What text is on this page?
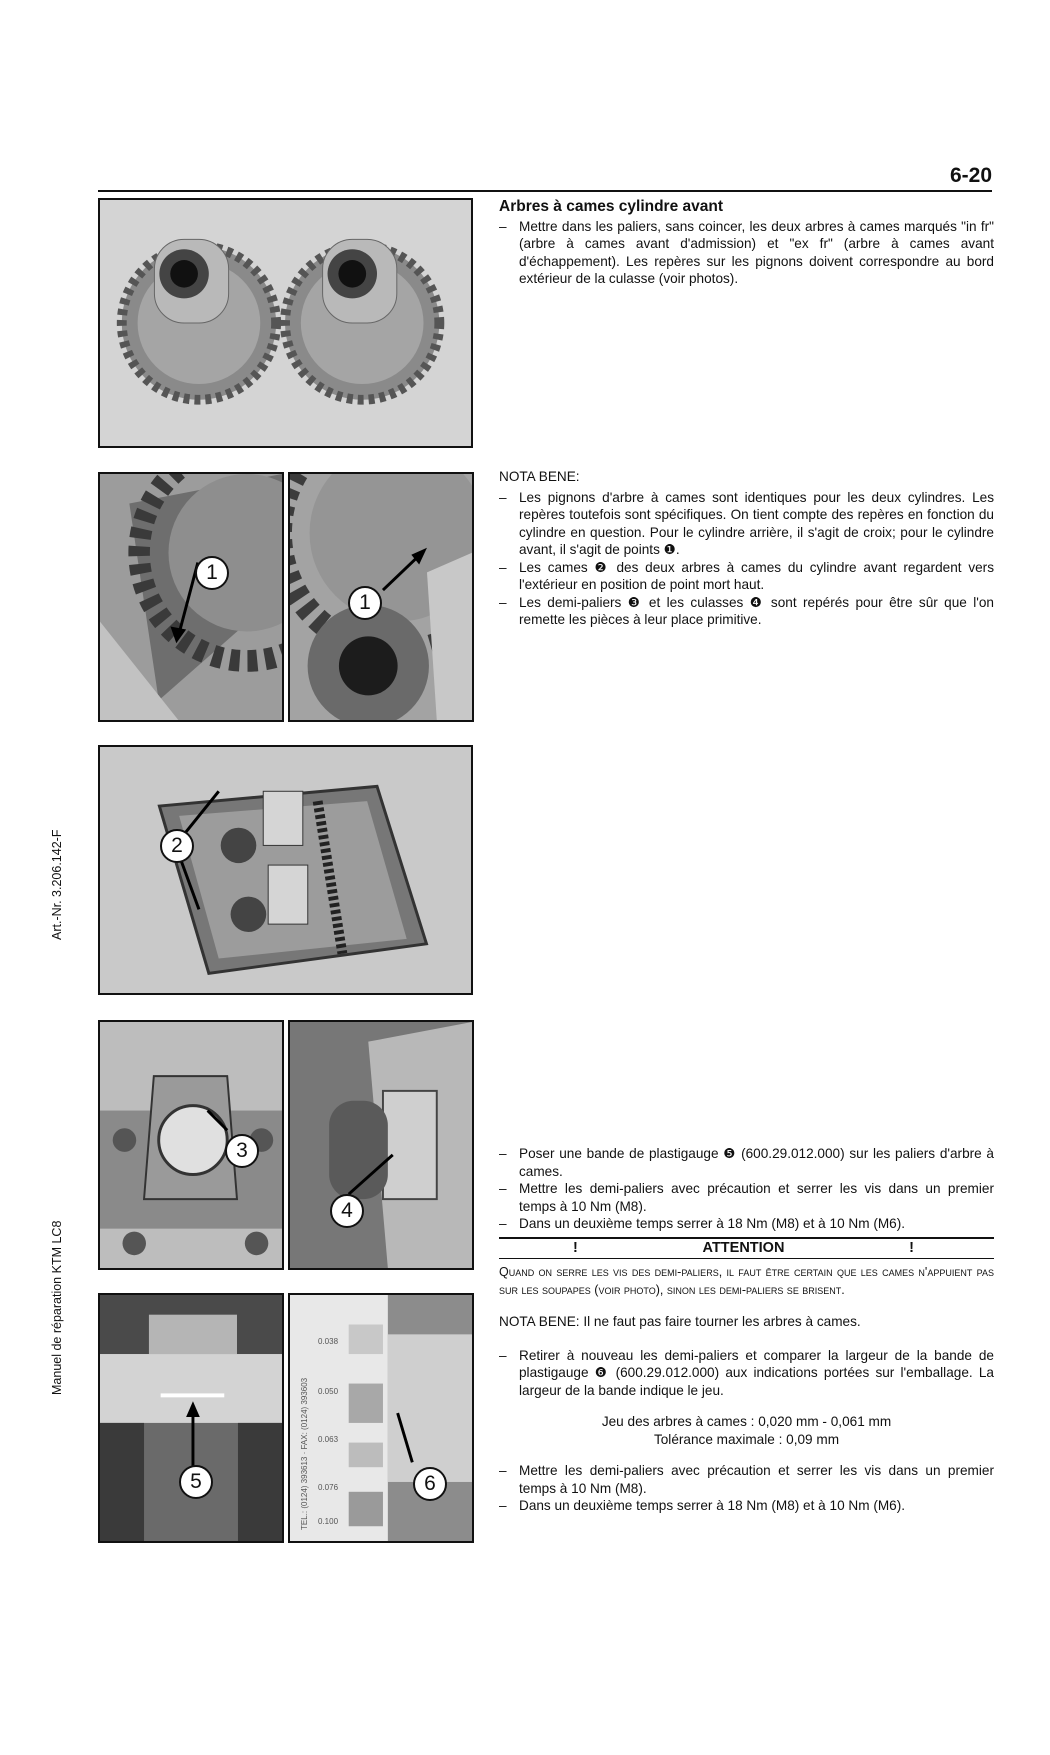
6-20
Art.-Nr. 3.206.142-F
Manuel de réparation KTM LC8
1
1
2
3
4
5	TEL.: (0124) 393613 · FAX: (0124) 393603
0.038
0.050
0.063
0.076
0.100
6
Arbres à cames cylindre avant
– Mettre dans les paliers, sans coincer, les deux arbres à cames marqués "in fr" (arbre à cames avant d'admission) et "ex fr" (arbre à cames avant d'échappement). Les repères sur les pignons doivent correspondre au bord extérieur de la culasse (voir photos).
NOTA BENE:
– Les pignons d'arbre à cames sont identiques pour les deux cylindres. Les repères toutefois sont spécifiques. On tient compte des repères en fonction du cylindre en question. Pour le cylindre arrière, il s'agit de croix; pour le cylindre avant, il s'agit de points ❶.
– Les cames ❷ des deux arbres à cames du cylindre avant regardent vers l'extérieur en position de point mort haut.
– Les demi-paliers ❸ et les culasses ❹ sont repérés pour être sûr que l'on remette les pièces à leur place primitive.
– Poser une bande de plastigauge ❺ (600.29.012.000) sur les paliers d'arbre à cames.
– Mettre les demi-paliers avec précaution et serrer les vis dans un premier temps à 10 Nm (M8).
– Dans un deuxième temps serrer à 18 Nm (M8) et à 10 Nm (M6).
!	ATTENTION	!
Quand on serre les vis des demi-paliers, il faut être certain que les cames n'appuient pas sur les soupapes (voir photo), sinon les demi-paliers se brisent.
NOTA BENE: Il ne faut pas faire tourner les arbres à cames.
– Retirer à nouveau les demi-paliers et comparer la largeur de la bande de plastigauge ❻ (600.29.012.000) aux indications portées sur l'emballage. La largeur de la bande indique le jeu.
Jeu des arbres à cames : 0,020 mm - 0,061 mm
Tolérance maximale : 0,09 mm
– Mettre les demi-paliers avec précaution et serrer les vis dans un premier temps à 10 Nm (M8).
– Dans un deuxième temps serrer à 18 Nm (M8) et à 10 Nm (M6).
